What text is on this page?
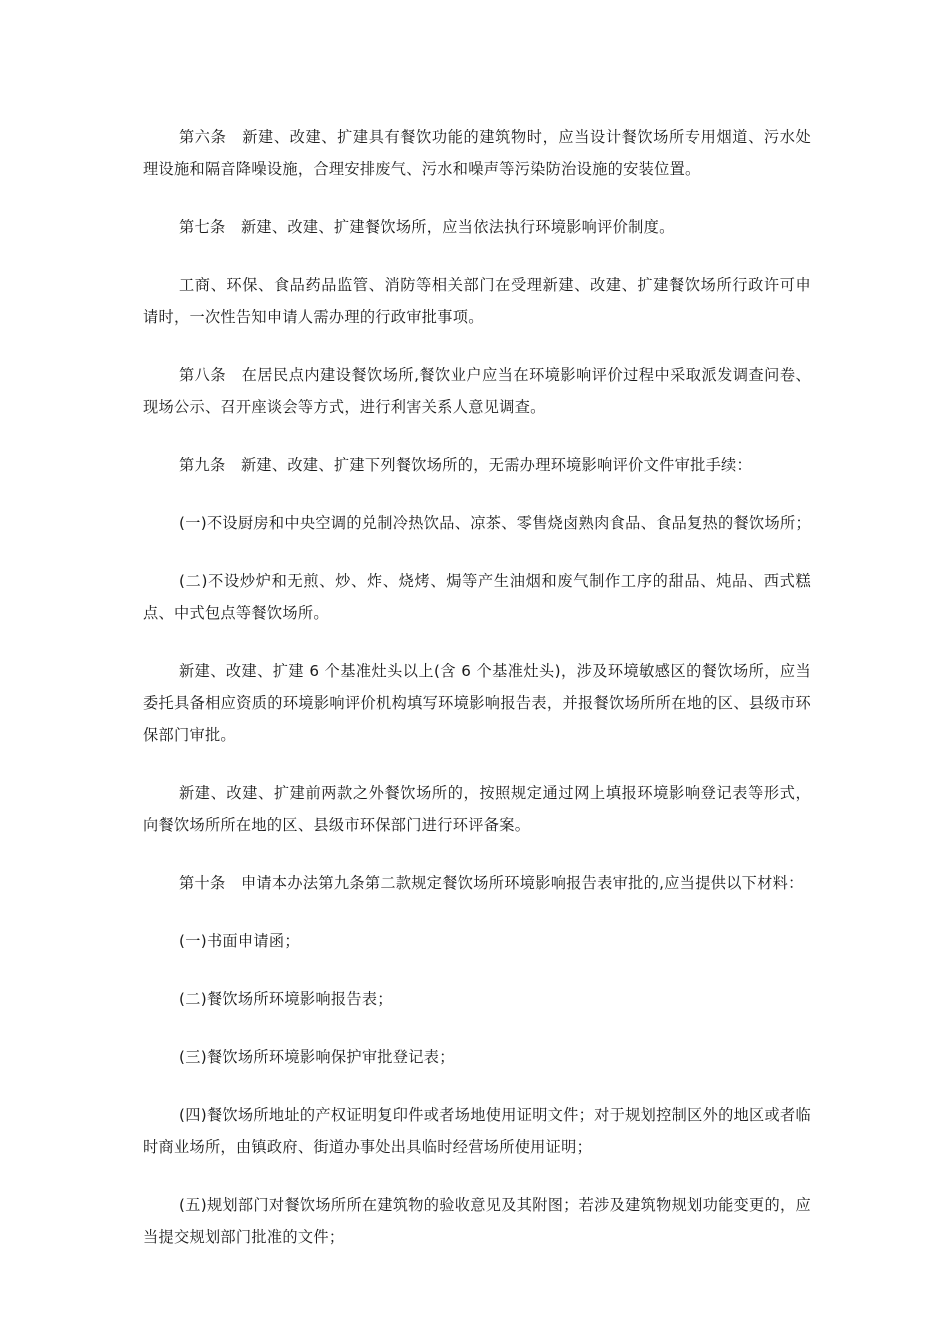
第六条　新建、改建、扩建具有餐饮功能的建筑物时，应当设计餐饮场所专用烟道、污水处理设施和隔音降噪设施，合理安排废气、污水和噪声等污染防治设施的安装位置。

第七条　新建、改建、扩建餐饮场所，应当依法执行环境影响评价制度。

工商、环保、食品药品监管、消防等相关部门在受理新建、改建、扩建餐饮场所行政许可申请时，一次性告知申请人需办理的行政审批事项。

第八条　在居民点内建设餐饮场所,餐饮业户应当在环境影响评价过程中采取派发调查问卷、现场公示、召开座谈会等方式，进行利害关系人意见调查。

第九条　新建、改建、扩建下列餐饮场所的，无需办理环境影响评价文件审批手续：

(一)不设厨房和中央空调的兑制冷热饮品、凉茶、零售烧卤熟肉食品、食品复热的餐饮场所；

(二)不设炒炉和无煎、炒、炸、烧烤、焗等产生油烟和废气制作工序的甜品、炖品、西式糕点、中式包点等餐饮场所。

新建、改建、扩建 6 个基准灶头以上(含 6 个基准灶头)，涉及环境敏感区的餐饮场所，应当委托具备相应资质的环境影响评价机构填写环境影响报告表，并报餐饮场所所在地的区、县级市环保部门审批。

新建、改建、扩建前两款之外餐饮场所的，按照规定通过网上填报环境影响登记表等形式，向餐饮场所所在地的区、县级市环保部门进行环评备案。

第十条　申请本办法第九条第二款规定餐饮场所环境影响报告表审批的,应当提供以下材料：

(一)书面申请函；

(二)餐饮场所环境影响报告表；

(三)餐饮场所环境影响保护审批登记表；

(四)餐饮场所地址的产权证明复印件或者场地使用证明文件；对于规划控制区外的地区或者临时商业场所，由镇政府、街道办事处出具临时经营场所使用证明；

(五)规划部门对餐饮场所所在建筑物的验收意见及其附图；若涉及建筑物规划功能变更的，应当提交规划部门批准的文件；
